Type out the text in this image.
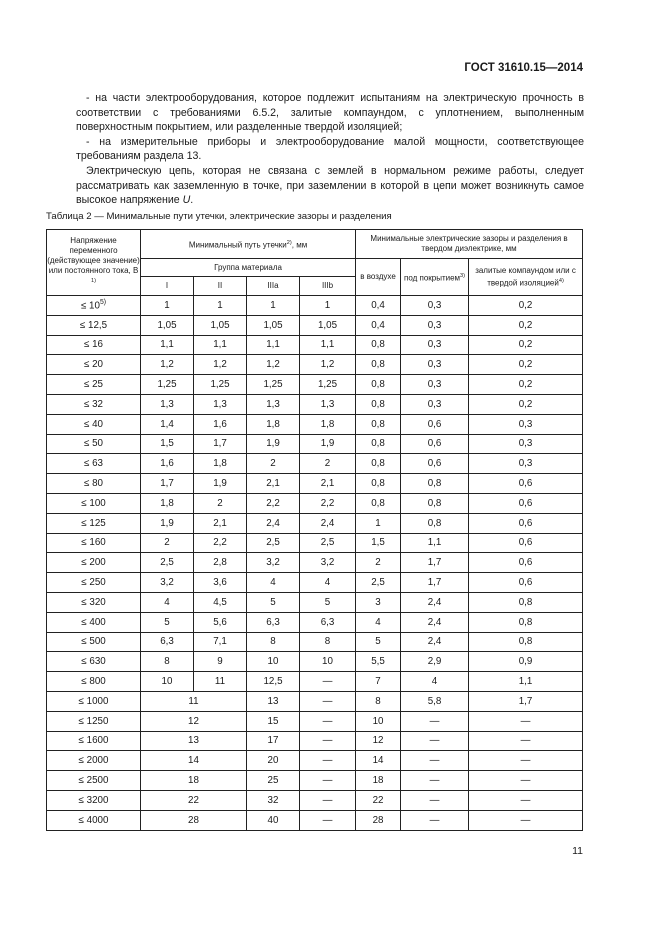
ГОСТ 31610.15—2014

- на части электрооборудования, которое подлежит испытаниям на электрическую прочность в соответствии с требованиями 6.5.2, залитые компаундом, с уплотнением, выполненным поверхностным покрытием, или разделенные твердой изоляцией;

- на измерительные приборы и электрооборудование малой мощности, соответствующее требованиям раздела 13.

Электрическую цепь, которая не связана с землей в нормальном режиме работы, следует рассматривать как заземленную в точке, при заземлении в которой в цепи может возникнуть самое высокое напряжение U.

Таблица 2 — Минимальные пути утечки, электрические зазоры и разделения
Напряжение переменного (действующее значение) или постоянного тока, В $^{1)}$	Минимальный путь утечки$^{2)}$, мм				Минимальные электрические зазоры и разделения в твердом диэлектрике, мм		
	Группа материала				в воздухе	под покрытием$^{3)}$	залитые компаундом или с твердой изоляцией$^{4)}$
	I	II	IIIa	IIIb			
≤ $10^{5)}$	1	1	1	1	0,4	0,3	0,2
≤ 12,5	1,05	1,05	1,05	1,05	0,4	0,3	0,2
≤ 16	1,1	1,1	1,1	1,1	0,8	0,3	0,2
≤ 20	1,2	1,2	1,2	1,2	0,8	0,3	0,2
≤ 25	1,25	1,25	1,25	1,25	0,8	0,3	0,2
≤ 32	1,3	1,3	1,3	1,3	0,8	0,3	0,2
≤ 40	1,4	1,6	1,8	1,8	0,8	0,6	0,3
≤ 50	1,5	1,7	1,9	1,9	0,8	0,6	0,3
≤ 63	1,6	1,8	2	2	0,8	0,6	0,3
≤ 80	1,7	1,9	2,1	2,1	0,8	0,8	0,6
≤ 100	1,8	2	2,2	2,2	0,8	0,8	0,6
≤ 125	1,9	2,1	2,4	2,4	1	0,8	0,6
≤ 160	2	2,2	2,5	2,5	1,5	1,1	0,6
≤ 200	2,5	2,8	3,2	3,2	2	1,7	0,6
≤ 250	3,2	3,6	4	4	2,5	1,7	0,6
≤ 320	4	4,5	5	5	3	2,4	0,8
≤ 400	5	5,6	6,3	6,3	4	2,4	0,8
≤ 500	6,3	7,1	8	8	5	2,4	0,8
≤ 630	8	9	10	10	5,5	2,9	0,9
≤ 800	10	11	12,5	—	7	4	1,1
≤ 1000	11		13	—	8	5,8	1,7
≤ 1250	12		15	—	10	—	—
≤ 1600	13		17	—	12	—	—
≤ 2000	14		20	—	14	—	—
≤ 2500	18		25	—	18	—	—
≤ 3200	22		32	—	22	—	—
≤ 4000	28		40	—	28	—	—
11
